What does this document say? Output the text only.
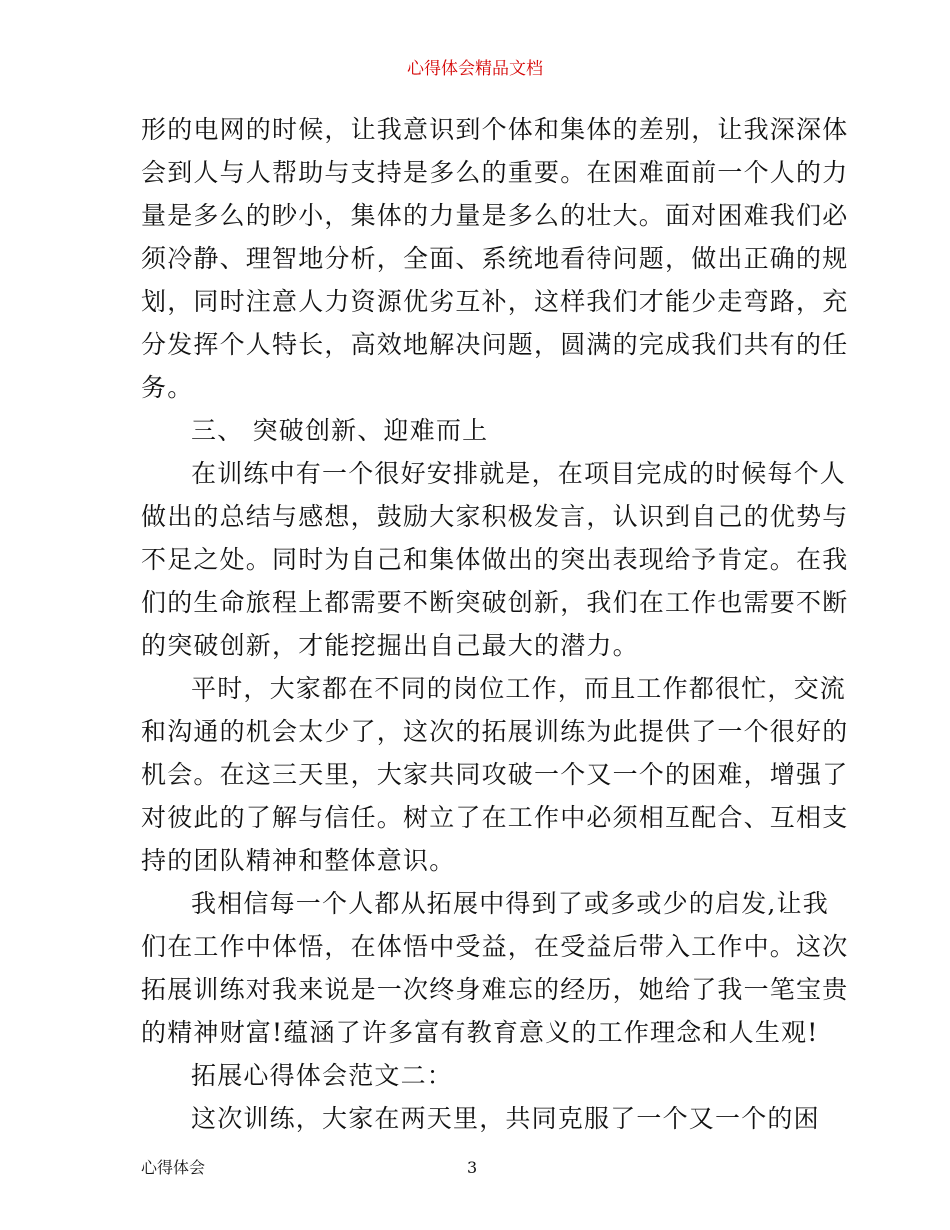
心得体会精品文档
形的电网的时候，让我意识到个体和集体的差别，让我深深体
会到人与人帮助与支持是多么的重要。在困难面前一个人的力
量是多么的眇小，集体的力量是多么的壮大。面对困难我们必
须冷静、理智地分析，全面、系统地看待问题，做出正确的规
划，同时注意人力资源优劣互补，这样我们才能少走弯路，充
分发挥个人特长，高效地解决问题，圆满的完成我们共有的任
务。
三、 突破创新、迎难而上
在训练中有一个很好安排就是，在项目完成的时候每个人
做出的总结与感想，鼓励大家积极发言，认识到自己的优势与
不足之处。同时为自己和集体做出的突出表现给予肯定。在我
们的生命旅程上都需要不断突破创新，我们在工作也需要不断
的突破创新，才能挖掘出自己最大的潜力。
平时，大家都在不同的岗位工作，而且工作都很忙，交流
和沟通的机会太少了，这次的拓展训练为此提供了一个很好的
机会。在这三天里，大家共同攻破一个又一个的困难，增强了
对彼此的了解与信任。树立了在工作中必须相互配合、互相支
持的团队精神和整体意识。
我相信每一个人都从拓展中得到了或多或少的启发,让我
们在工作中体悟，在体悟中受益，在受益后带入工作中。这次
拓展训练对我来说是一次终身难忘的经历，她给了我一笔宝贵
的精神财富!蕴涵了许多富有教育意义的工作理念和人生观!
拓展心得体会范文二：
这次训练，大家在两天里，共同克服了一个又一个的困
心得体会	3
